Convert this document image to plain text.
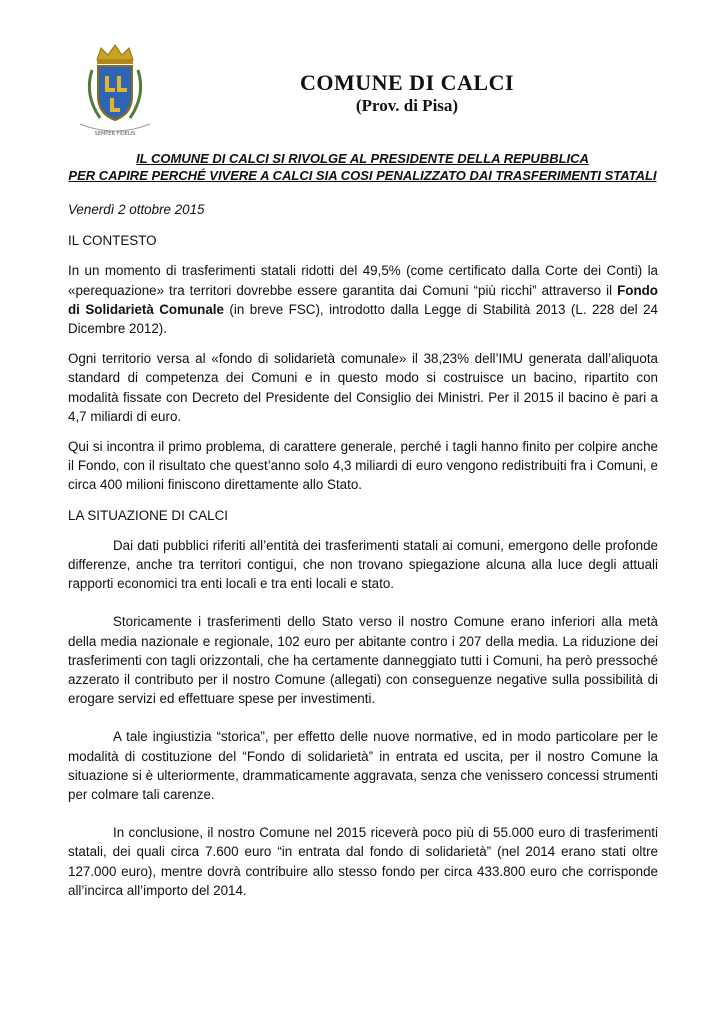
SEMPER FIDELIS
COMUNE DI CALCI
(Prov. di Pisa)
IL COMUNE DI CALCI SI RIVOLGE AL PRESIDENTE DELLA REPUBBLICA
PER CAPIRE PERCHÉ VIVERE A CALCI SIA COSI PENALIZZATO DAI TRASFERIMENTI STATALI

Venerdì 2 ottobre 2015

IL CONTESTO

In un momento di trasferimenti statali ridotti del 49,5% (come certificato dalla Corte dei Conti) la «perequazione» tra territori dovrebbe essere garantita dai Comuni “più ricchi” attraverso il Fondo di Solidarietà Comunale (in breve FSC), introdotto dalla Legge di Stabilità 2013 (L. 228 del 24 Dicembre 2012).

Ogni territorio versa al «fondo di solidarietà comunale» il 38,23% dell’IMU generata dall’aliquota standard di competenza dei Comuni e in questo modo si costruisce un bacino, ripartito con modalità fissate con Decreto del Presidente del Consiglio dei Ministri. Per il 2015 il bacino è pari a 4,7 miliardi di euro.

Qui si incontra il primo problema, di carattere generale, perché i tagli hanno finito per colpire anche il Fondo, con il risultato che quest’anno solo 4,3 miliardi di euro vengono redistribuiti fra i Comuni, e circa 400 milioni finiscono direttamente allo Stato.

LA SITUAZIONE DI CALCI

Dai dati pubblici riferiti all’entità dei trasferimenti statali ai comuni, emergono delle profonde differenze, anche tra territori contigui, che non trovano spiegazione alcuna alla luce degli attuali rapporti economici tra enti locali e tra enti locali e stato.

Storicamente i trasferimenti dello Stato verso il nostro Comune erano inferiori alla metà della media nazionale e regionale, 102 euro per abitante contro i 207 della media. La riduzione dei trasferimenti con tagli orizzontali, che ha certamente danneggiato tutti i Comuni, ha però pressoché azzerato il contributo per il nostro Comune (allegati) con conseguenze negative sulla possibilità di erogare servizi ed effettuare spese per investimenti.

A tale ingiustizia “storica”, per effetto delle nuove normative, ed in modo particolare per le modalità di costituzione del “Fondo di solidarietà” in entrata ed uscita, per il nostro Comune la situazione si è ulteriormente, drammaticamente aggravata, senza che venissero concessi strumenti per colmare tali carenze.

In conclusione, il nostro Comune nel 2015 riceverà poco più di 55.000 euro di trasferimenti statali, dei quali circa 7.600 euro “in entrata dal fondo di solidarietà” (nel 2014 erano stati oltre 127.000 euro), mentre dovrà contribuire allo stesso fondo per circa 433.800 euro che corrisponde all’incirca all’importo del 2014.
